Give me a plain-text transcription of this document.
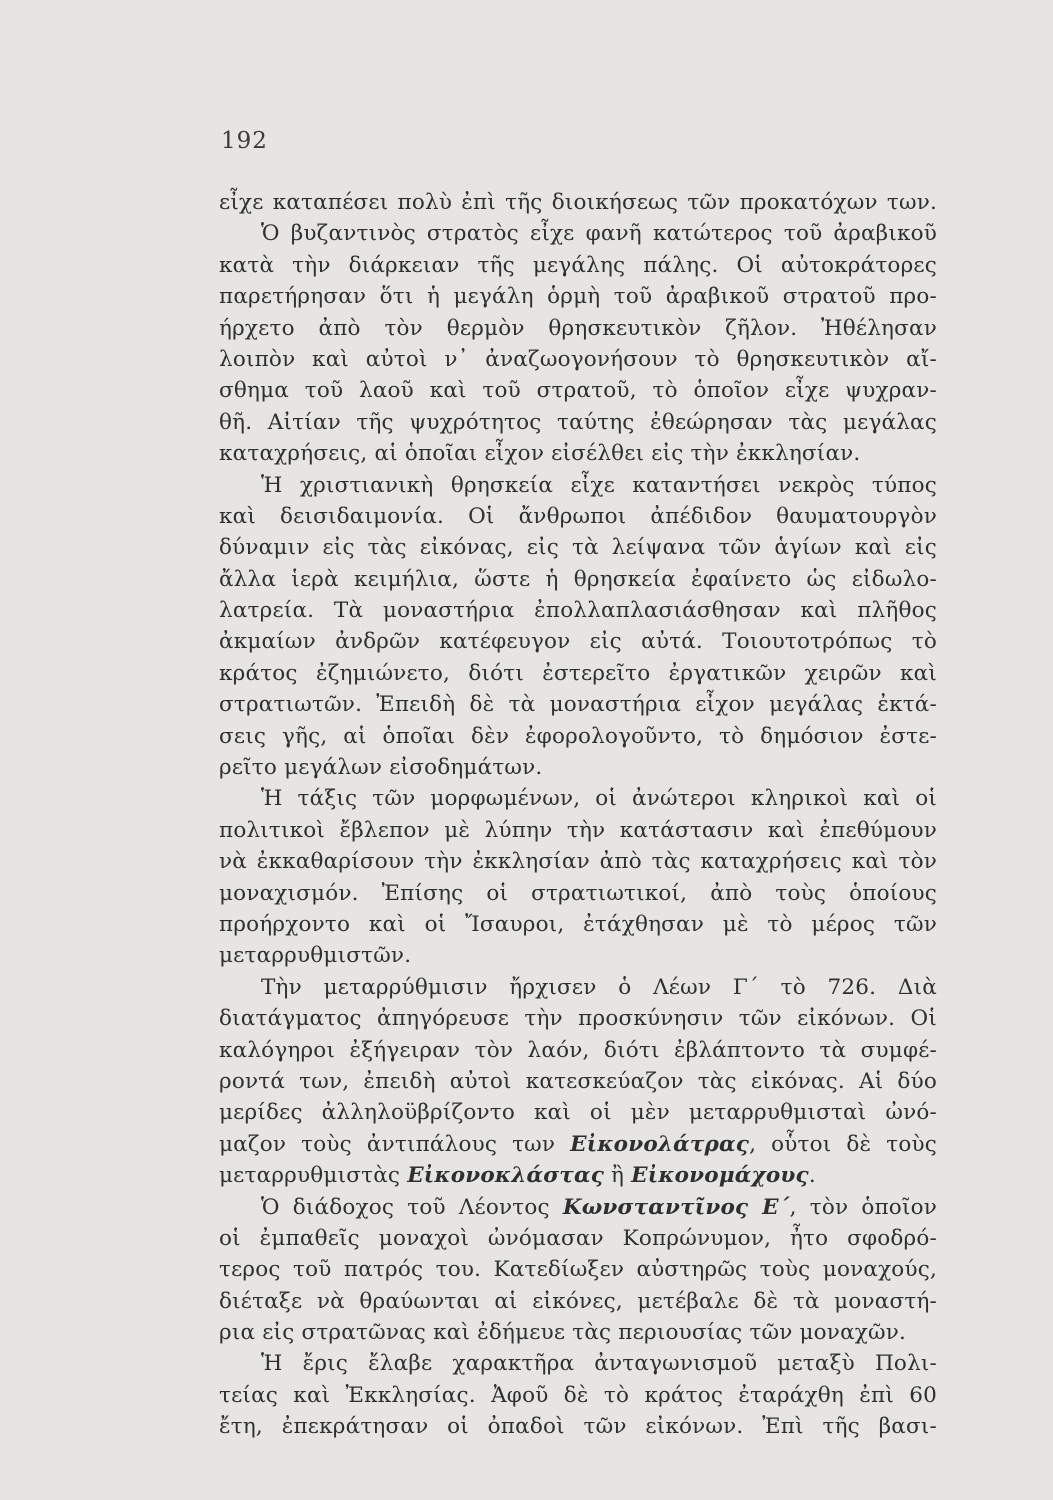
192
εἶχε καταπέσει πολὺ ἐπὶ τῆς διοικήσεως τῶν προκατόχων των.
Ὁ βυζαντινὸς στρατὸς εἶχε φανῆ κατώτερος τοῦ ἀραβικοῦ
κατὰ τὴν διάρκειαν τῆς μεγάλης πάλης. Οἱ αὐτοκράτορες
παρετήρησαν ὅτι ἡ μεγάλη ὁρμὴ τοῦ ἀραβικοῦ στρατοῦ προ-
ήρχετο ἀπὸ τὸν θερμὸν θρησκευτικὸν ζῆλον. Ἠθέλησαν
λοιπὸν καὶ αὐτοὶ ν᾿ ἀναζωογονήσουν τὸ θρησκευτικὸν αἴ-
σθημα τοῦ λαοῦ καὶ τοῦ στρατοῦ, τὸ ὁποῖον εἶχε ψυχραν-
θῆ. Αἰτίαν τῆς ψυχρότητος ταύτης ἐθεώρησαν τὰς μεγάλας
καταχρήσεις, αἱ ὁποῖαι εἶχον εἰσέλθει εἰς τὴν ἐκκλησίαν.
Ἡ χριστιανικὴ θρησκεία εἶχε καταντήσει νεκρὸς τύπος
καὶ δεισιδαιμονία. Οἱ ἄνθρωποι ἀπέδιδον θαυματουργὸν
δύναμιν εἰς τὰς εἰκόνας, εἰς τὰ λείψανα τῶν ἁγίων καὶ εἰς
ἄλλα ἱερὰ κειμήλια, ὥστε ἡ θρησκεία ἐφαίνετο ὡς εἰδωλο-
λατρεία. Τὰ μοναστήρια ἐπολλαπλασιάσθησαν καὶ πλῆθος
ἀκμαίων ἀνδρῶν κατέφευγον εἰς αὐτά. Τοιουτοτρόπως τὸ
κράτος ἐζημιώνετο, διότι ἐστερεῖτο ἐργατικῶν χειρῶν καὶ
στρατιωτῶν. Ἐπειδὴ δὲ τὰ μοναστήρια εἶχον μεγάλας ἐκτά-
σεις γῆς, αἱ ὁποῖαι δὲν ἐφορολογοῦντο, τὸ δημόσιον ἐστε-
ρεῖτο μεγάλων εἰσοδημάτων.
Ἡ τάξις τῶν μορφωμένων, οἱ ἀνώτεροι κληρικοὶ καὶ οἱ
πολιτικοὶ ἔβλεπον μὲ λύπην τὴν κατάστασιν καὶ ἐπεθύμουν
νὰ ἐκκαθαρίσουν τὴν ἐκκλησίαν ἀπὸ τὰς καταχρήσεις καὶ τὸν
μοναχισμόν. Ἐπίσης οἱ στρατιωτικοί, ἀπὸ τοὺς ὁποίους
προήρχοντο καὶ οἱ Ἴσαυροι, ἐτάχθησαν μὲ τὸ μέρος τῶν
μεταρρυθμιστῶν.
Τὴν μεταρρύθμισιν ἤρχισεν ὁ Λέων Γ΄ τὸ 726. Διὰ
διατάγματος ἀπηγόρευσε τὴν προσκύνησιν τῶν εἰκόνων. Οἱ
καλόγηροι ἐξήγειραν τὸν λαόν, διότι ἐβλάπτοντο τὰ συμφέ-
ροντά των, ἐπειδὴ αὐτοὶ κατεσκεύαζον τὰς εἰκόνας. Αἱ δύο
μερίδες ἀλληλοϋβρίζοντο καὶ οἱ μὲν μεταρρυθμισταὶ ὠνό-
μαζον τοὺς ἀντιπάλους των Εἰκονολάτρας, οὗτοι δὲ τοὺς
μεταρρυθμιστὰς Εἰκονοκλάστας ἢ Εἰκονομάχους.
Ὁ διάδοχος τοῦ Λέοντος Κωνσταντῖνος Ε΄, τὸν ὁποῖον
οἱ ἐμπαθεῖς μοναχοὶ ὠνόμασαν Κοπρώνυμον, ἦτο σφοδρό-
τερος τοῦ πατρός του. Κατεδίωξεν αὐστηρῶς τοὺς μοναχούς,
διέταξε νὰ θραύωνται αἱ εἰκόνες, μετέβαλε δὲ τὰ μοναστή-
ρια εἰς στρατῶνας καὶ ἐδήμευε τὰς περιουσίας τῶν μοναχῶν.
Ἡ ἔρις ἔλαβε χαρακτῆρα ἀνταγωνισμοῦ μεταξὺ Πολι-
τείας καὶ Ἐκκλησίας. Ἀφοῦ δὲ τὸ κράτος ἐταράχθη ἐπὶ 60
ἔτη, ἐπεκράτησαν οἱ ὀπαδοὶ τῶν εἰκόνων. Ἐπὶ τῆς βασι-
